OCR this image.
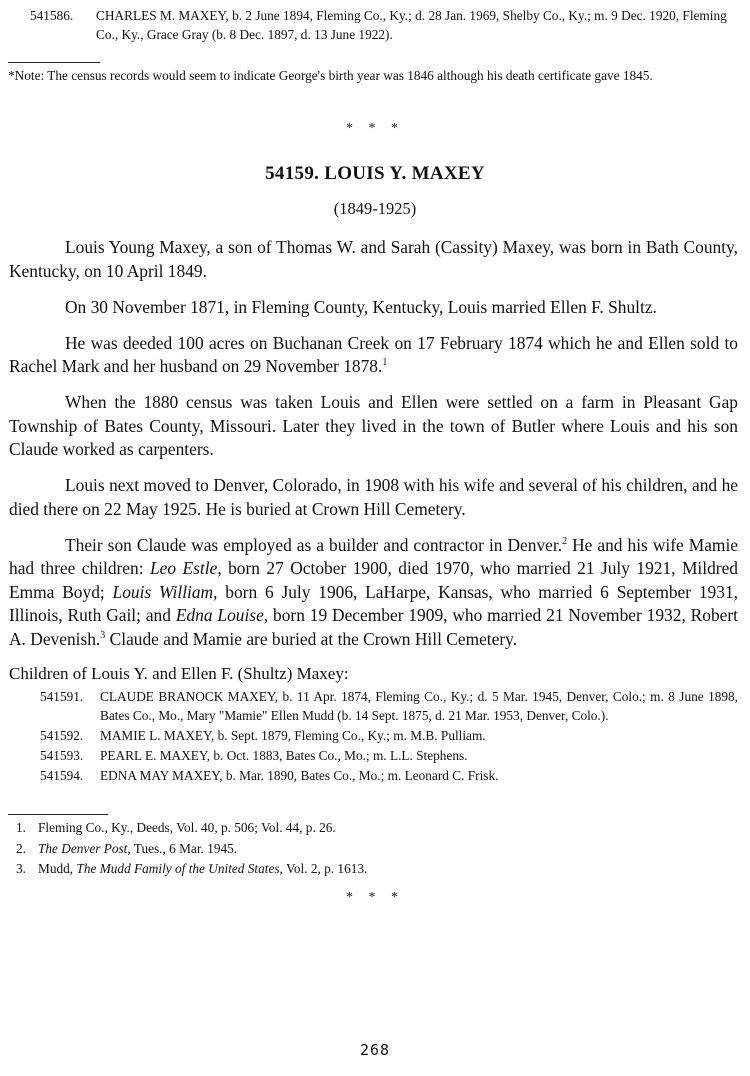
541586.	CHARLES M. MAXEY, b. 2 June 1894, Fleming Co., Ky.; d. 28 Jan. 1969, Shelby Co., Ky.; m. 9 Dec. 1920, Fleming Co., Ky., Grace Gray (b. 8 Dec. 1897, d. 13 June 1922).
*Note: The census records would seem to indicate George's birth year was 1846 although his death certificate gave 1845.
* * *
54159. LOUIS Y. MAXEY
(1849-1925)

Louis Young Maxey, a son of Thomas W. and Sarah (Cassity) Maxey, was born in Bath County, Kentucky, on 10 April 1849.

On 30 November 1871, in Fleming County, Kentucky, Louis married Ellen F. Shultz.

He was deeded 100 acres on Buchanan Creek on 17 February 1874 which he and Ellen sold to Rachel Mark and her husband on 29 November 1878.$^1$

When the 1880 census was taken Louis and Ellen were settled on a farm in Pleasant Gap Township of Bates County, Missouri. Later they lived in the town of Butler where Louis and his son Claude worked as carpenters.

Louis next moved to Denver, Colorado, in 1908 with his wife and several of his children, and he died there on 22 May 1925. He is buried at Crown Hill Cemetery.

Their son Claude was employed as a builder and contractor in Denver.$^2$ He and his wife Mamie had three children: Leo Estle, born 27 October 1900, died 1970, who married 21 July 1921, Mildred Emma Boyd; Louis William, born 6 July 1906, LaHarpe, Kansas, who married 6 September 1931, Illinois, Ruth Gail; and Edna Louise, born 19 December 1909, who married 21 November 1932, Robert A. Devenish.$^3$ Claude and Mamie are buried at the Crown Hill Cemetery.

Children of Louis Y. and Ellen F. (Shultz) Maxey:
541591.	CLAUDE BRANOCK MAXEY, b. 11 Apr. 1874, Fleming Co., Ky.; d. 5 Mar. 1945, Denver, Colo.; m. 8 June 1898, Bates Co., Mo., Mary "Mamie" Ellen Mudd (b. 14 Sept. 1875, d. 21 Mar. 1953, Denver, Colo.).
541592.	MAMIE L. MAXEY, b. Sept. 1879, Fleming Co., Ky.; m. M.B. Pulliam.
541593.	PEARL E. MAXEY, b. Oct. 1883, Bates Co., Mo.; m. L.L. Stephens.
541594.	EDNA MAY MAXEY, b. Mar. 1890, Bates Co., Mo.; m. Leonard C. Frisk.
1. Fleming Co., Ky., Deeds, Vol. 40, p. 506; Vol. 44, p. 26.
2. The Denver Post, Tues., 6 Mar. 1945.
3. Mudd, The Mudd Family of the United States, Vol. 2, p. 1613.
* * *
268
